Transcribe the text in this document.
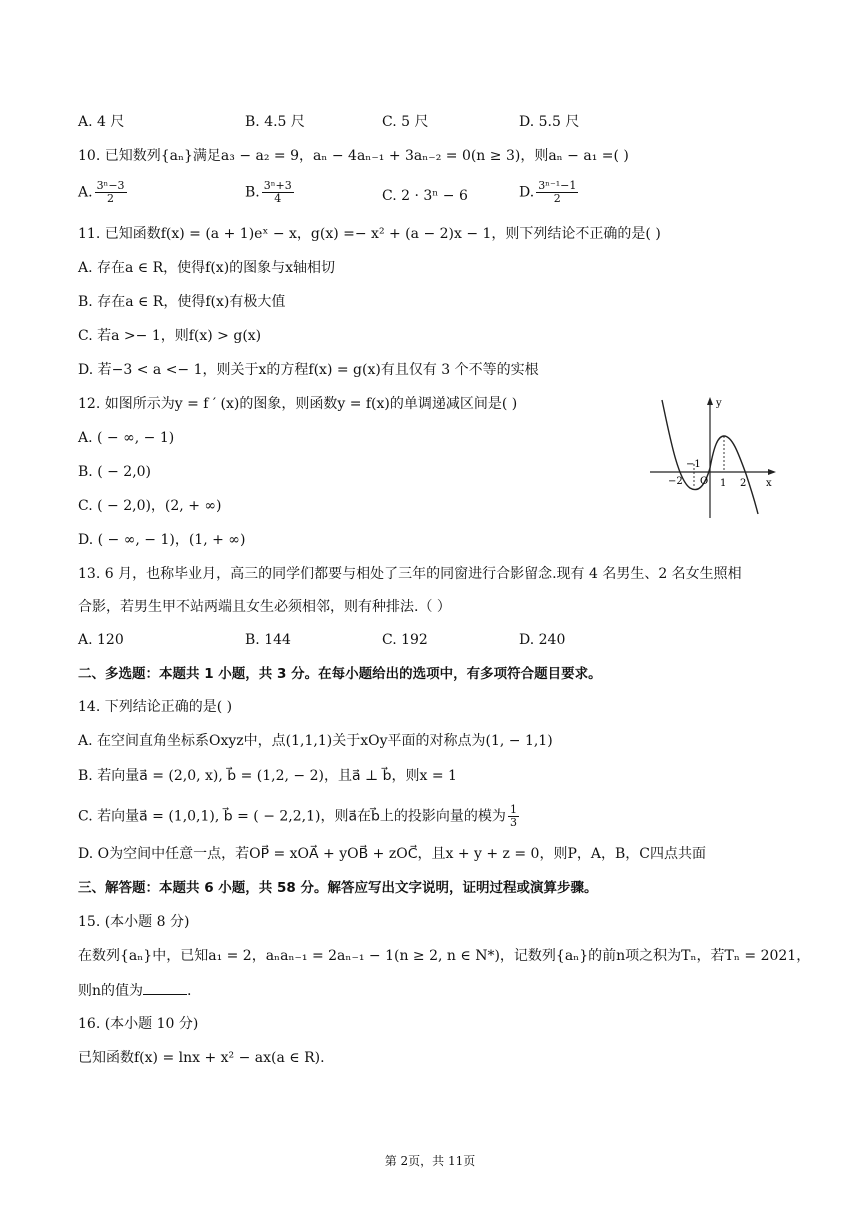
A. 4 尺	B. 4.5 尺	C. 5 尺	D. 5.5 尺
10. 已知数列{aₙ}满足a₃ − a₂ = 9，aₙ − 4aₙ₋₁ + 3aₙ₋₂ = 0(n ≥ 3)，则aₙ − a₁ =( )
A. $\frac{\text{3ⁿ−3}}{2}$	B. $\frac{\text{3ⁿ+3}}{4}$	C. 2 · 3ⁿ − 6	D. $\frac{\text{3ⁿ⁻¹−1}}{2}$
11. 已知函数f(x) = (a + 1)eˣ − x，g(x) =− x² + (a − 2)x − 1，则下列结论不正确的是( )
A. 存在a ∈ R，使得f(x)的图象与x轴相切
B. 存在a ∈ R，使得f(x)有极大值
C. 若a >− 1，则f(x) > g(x)
D. 若−3 < a <− 1，则关于x的方程f(x) = g(x)有且仅有 3 个不等的实根
12. 如图所示为y = f ′ (x)的图象，则函数y = f(x)的单调递减区间是( )
A. ( − ∞, − 1)
B. ( − 2,0)
C. ( − 2,0)，(2, + ∞)
D. ( − ∞, − 1)，(1, + ∞)
y
x
−2
−1
O 1 2
13. 6 月，也称毕业月，高三的同学们都要与相处了三年的同窗进行合影留念.现有 4 名男生、2 名女生照相
合影，若男生甲不站两端且女生必须相邻，则有种排法.（ ）
A. 120	B. 144	C. 192	D. 240
二、多选题：本题共 1 小题，共 3 分。在每小题给出的选项中，有多项符合题目要求。
14. 下列结论正确的是( )
A. 在空间直角坐标系Oxyz中，点(1,1,1)关于xOy平面的对称点为(1, − 1,1)
B. 若向量a⃗ = (2,0, x), b⃗ = (1,2, − 2)，且a⃗ ⊥ b⃗，则x = 1
C. 若向量a⃗ = (1,0,1), b⃗ = ( − 2,2,1)，则a⃗在b⃗上的投影向量的模为 $\frac{1}{3}$
D. O为空间中任意一点，若OP⃗ = xOA⃗ + yOB⃗ + zOC⃗，且x + y + z = 0，则P，A，B，C四点共面
三、解答题：本题共 6 小题，共 58 分。解答应写出文字说明，证明过程或演算步骤。
15. (本小题 8 分)
在数列{aₙ}中，已知a₁ = 2，aₙaₙ₋₁ = 2aₙ₋₁ − 1(n ≥ 2, n ∈ N*)，记数列{aₙ}的前n项之积为Tₙ，若Tₙ = 2021，
则n的值为	.
16. (本小题 10 分)
已知函数f(x) = lnx + x² − ax(a ∈ R).
第 2页，共 11页
